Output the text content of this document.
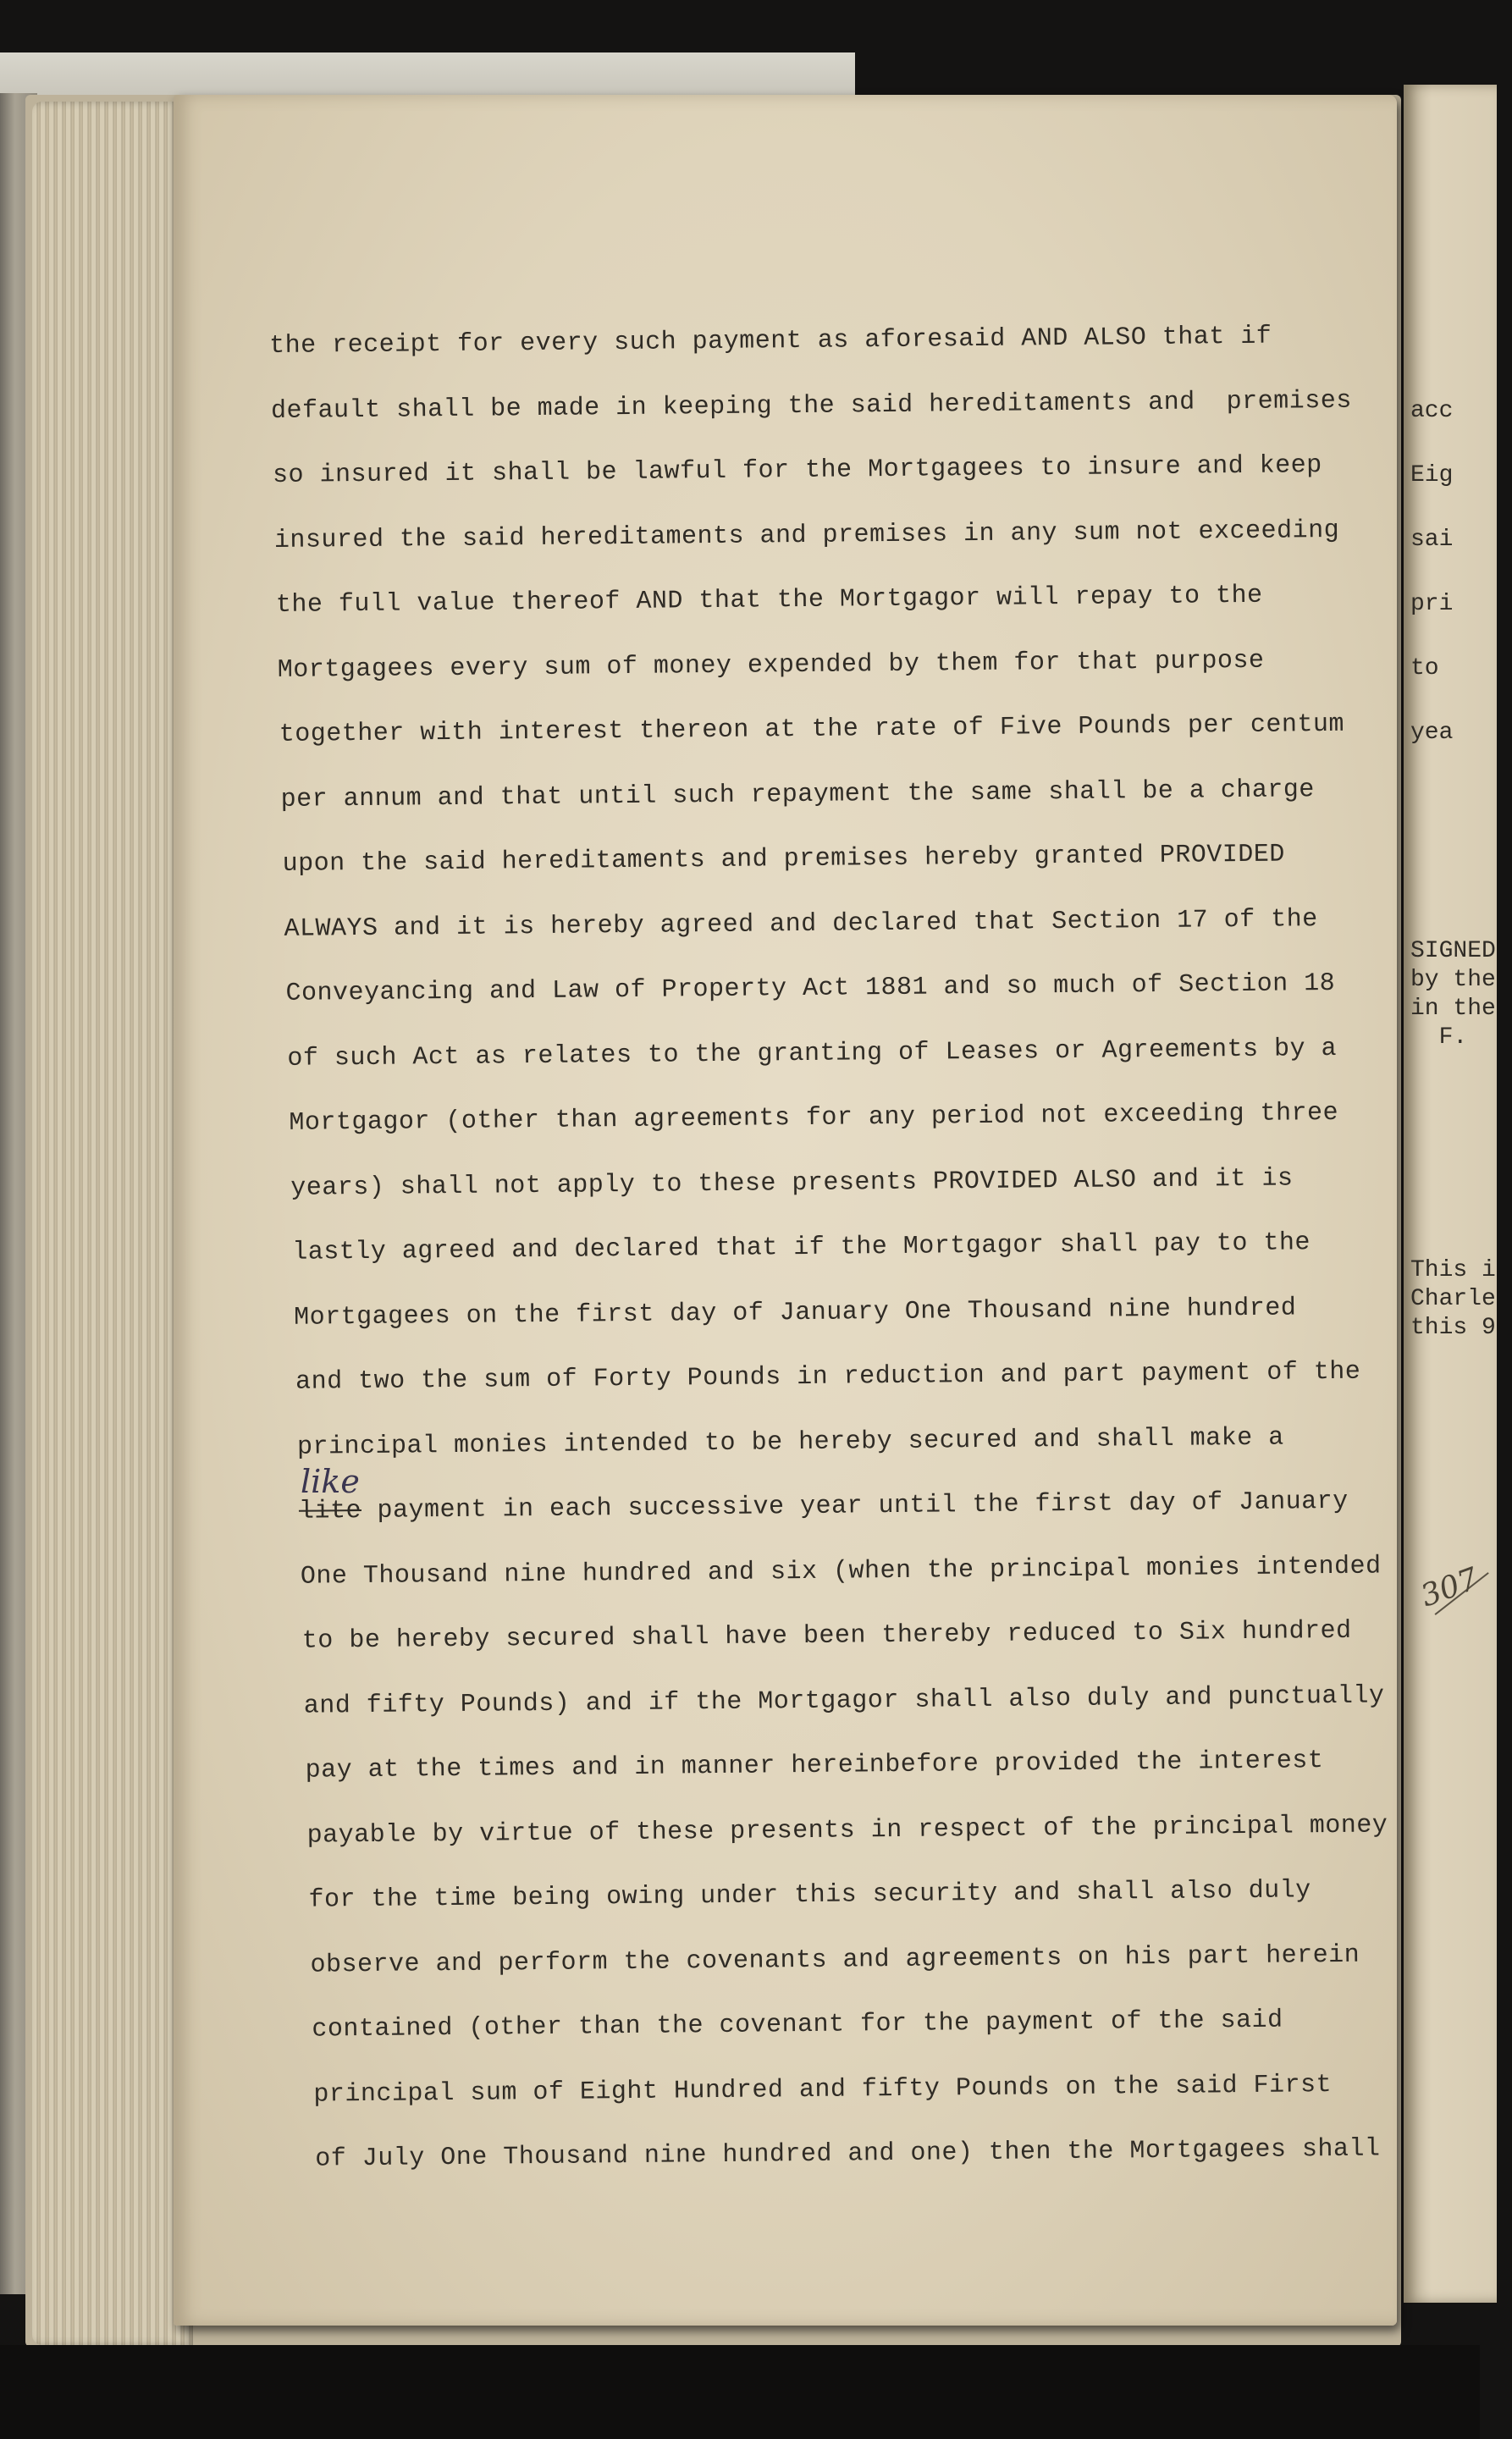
the receipt for every such payment as aforesaid AND ALSO that if
default shall be made in keeping the said hereditaments and  premises
so insured it shall be lawful for the Mortgagees to insure and keep
insured the said hereditaments and premises in any sum not exceeding
the full value thereof AND that the Mortgagor will repay to the
Mortgagees every sum of money expended by them for that purpose
together with interest thereon at the rate of Five Pounds per centum
per annum and that until such repayment the same shall be a charge
upon the said hereditaments and premises hereby granted PROVIDED
ALWAYS and it is hereby agreed and declared that Section 17 of the
Conveyancing and Law of Property Act 1881 and so much of Section 18
of such Act as relates to the granting of Leases or Agreements by a
Mortgagor (other than agreements for any period not exceeding three
years) shall not apply to these presents PROVIDED ALSO and it is
lastly agreed and declared that if the Mortgagor shall pay to the
Mortgagees on the first day of January One Thousand nine hundred
and two the sum of Forty Pounds in reduction and part payment of the
principal monies intended to be hereby secured and shall make a
lite payment in each successive year until the first day of January
One Thousand nine hundred and six (when the principal monies intended
to be hereby secured shall have been thereby reduced to Six hundred
and fifty Pounds) and if the Mortgagor shall also duly and punctually
pay at the times and in manner hereinbefore provided the interest
payable by virtue of these presents in respect of the principal money
for the time being owing under this security and shall also duly
observe and perform the covenants and agreements on his part herein
contained (other than the covenant for the payment of the said
principal sum of Eight Hundred and fifty Pounds on the said First
of July One Thousand nine hundred and one) then the Mortgagees shall
like
307
acc
Eig
sai
pri
to
yea
SIGNED
by the
in the
F.
This i
Charle
this 9
